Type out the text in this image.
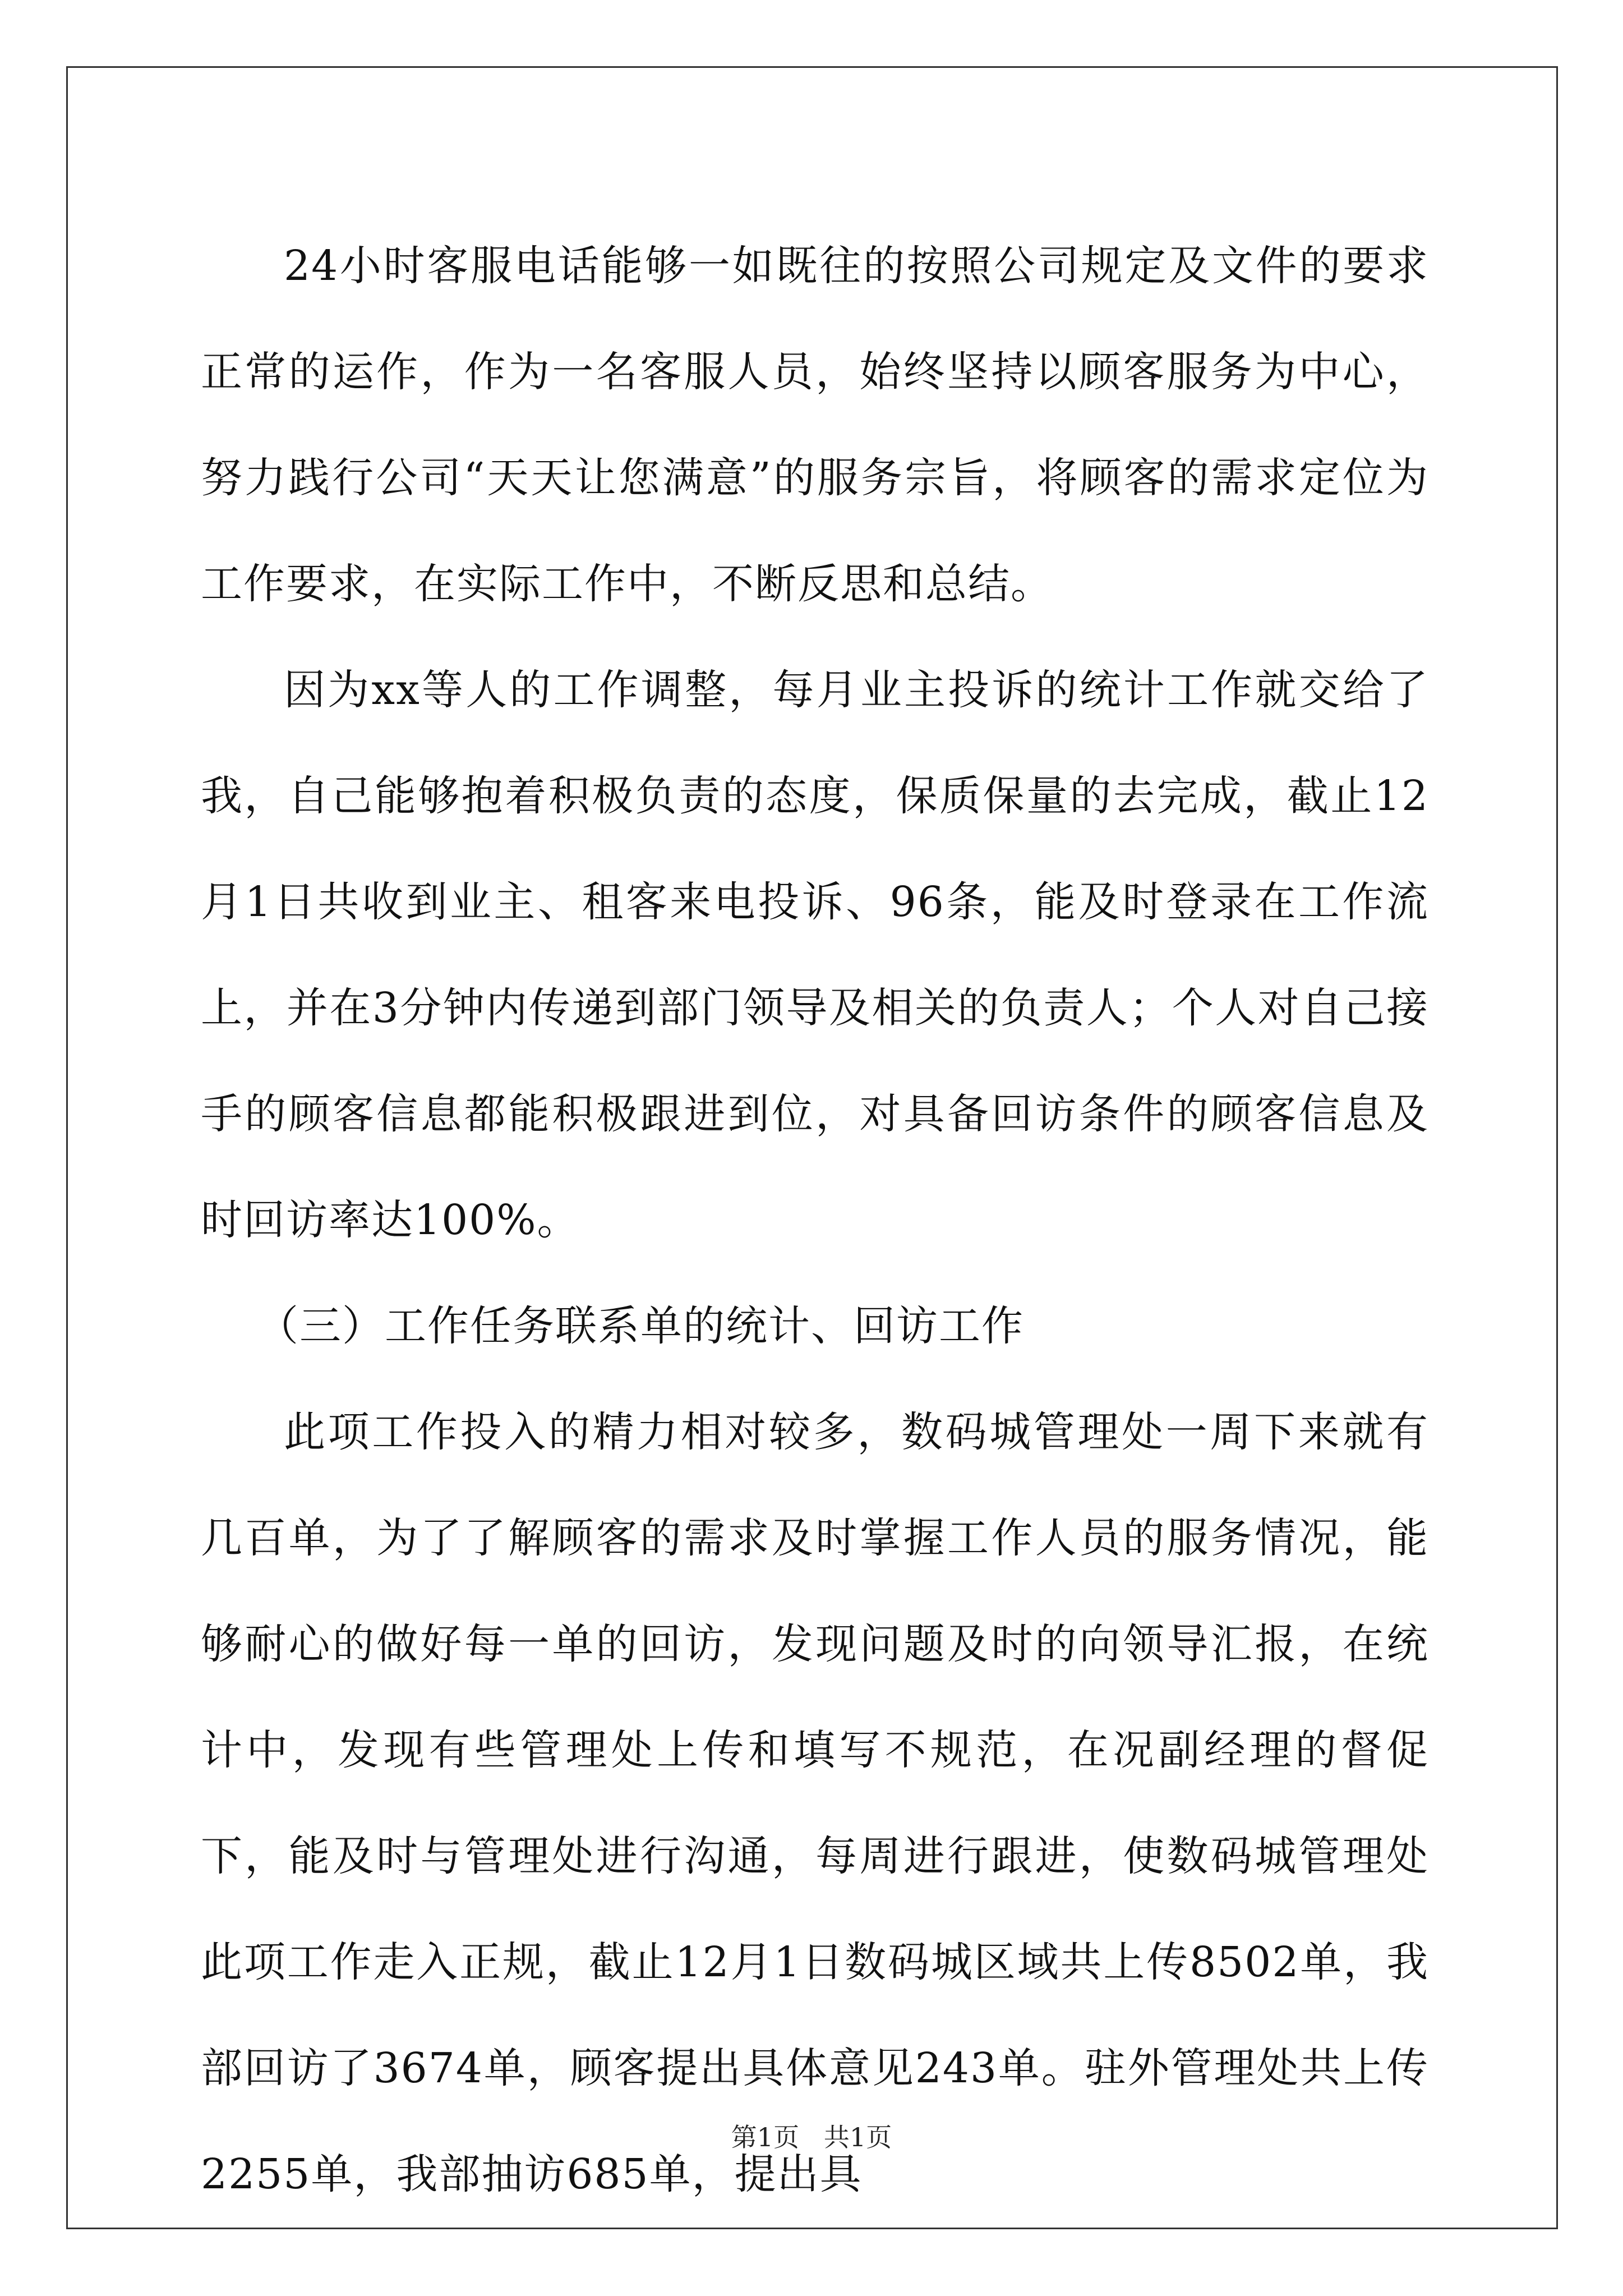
24小时客服电话能够一如既往的按照公司规定及文件的要求正常的运作，作为一名客服人员，始终坚持以顾客服务为中心，努力践行公司“天天让您满意”的服务宗旨，将顾客的需求定位为工作要求，在实际工作中，不断反思和总结。

因为xx等人的工作调整，每月业主投诉的统计工作就交给了我，自己能够抱着积极负责的态度，保质保量的去完成，截止12月1日共收到业主、租客来电投诉、96条，能及时登录在工作流上，并在3分钟内传递到部门领导及相关的负责人；个人对自己接手的顾客信息都能积极跟进到位，对具备回访条件的顾客信息及时回访率达100%。

（三）工作任务联系单的统计、回访工作

此项工作投入的精力相对较多，数码城管理处一周下来就有几百单，为了了解顾客的需求及时掌握工作人员的服务情况，能够耐心的做好每一单的回访，发现问题及时的向领导汇报，在统计中，发现有些管理处上传和填写不规范，在况副经理的督促下，能及时与管理处进行沟通，每周进行跟进，使数码城管理处此项工作走入正规，截止12月1日数码城区域共上传8502单，我部回访了3674单，顾客提出具体意见243单。驻外管理处共上传2255单，我部抽访685单，提出具

第1页   共1页
